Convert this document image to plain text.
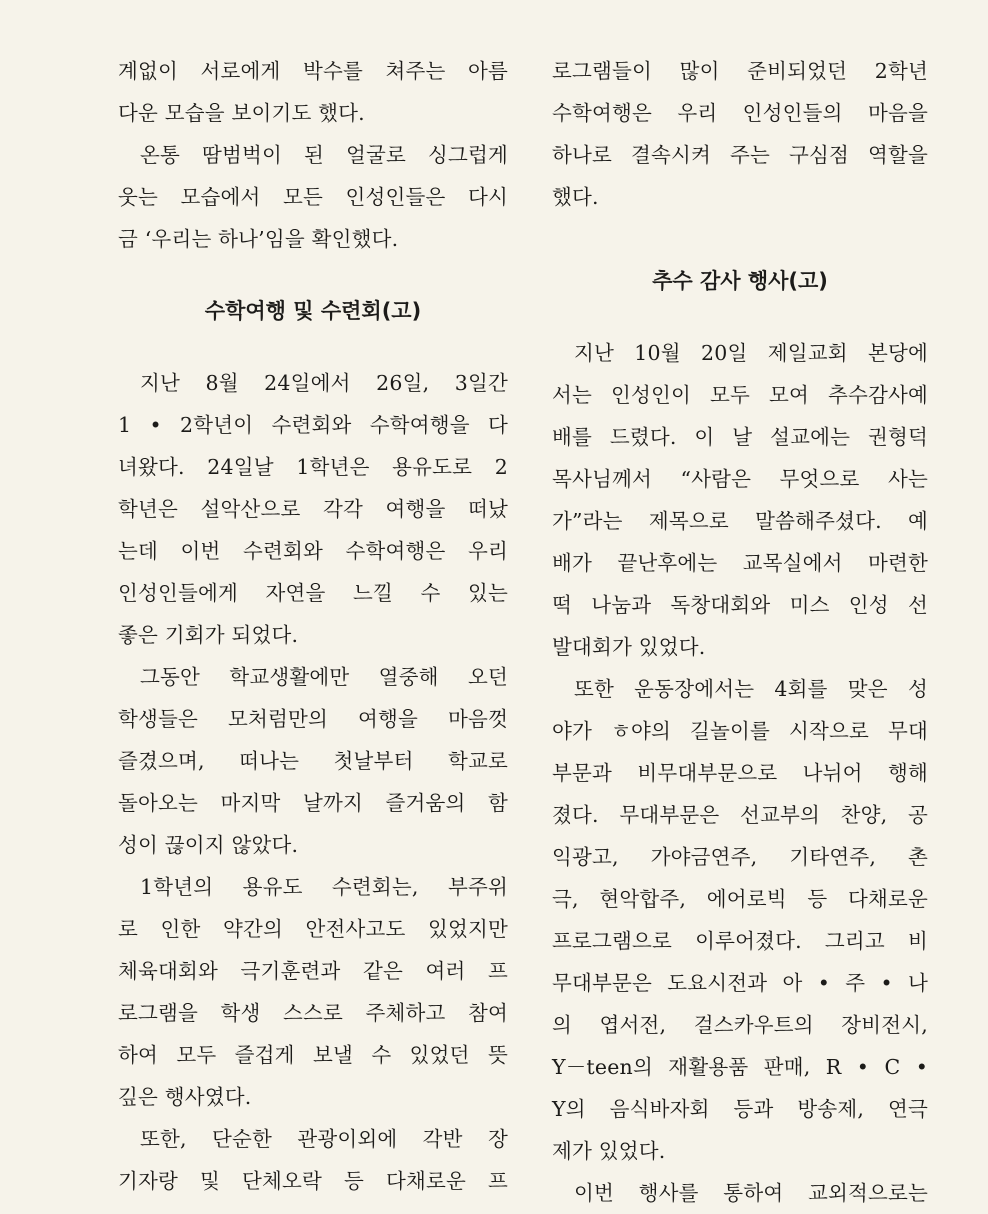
계없이 서로에게 박수를 쳐주는 아름
다운 모습을 보이기도 했다.
온통 땀범벅이 된 얼굴로 싱그럽게
웃는 모습에서 모든 인성인들은 다시
금 ‘우리는 하나’임을 확인했다.
수학여행 및 수련회(고)
지난 8월 24일에서 26일, 3일간
1 • 2학년이 수련회와 수학여행을 다
녀왔다. 24일날 1학년은 용유도로 2
학년은 설악산으로 각각 여행을 떠났
는데 이번 수련회와 수학여행은 우리
인성인들에게 자연을 느낄 수 있는
좋은 기회가 되었다.
그동안 학교생활에만 열중해 오던
학생들은 모처럼만의 여행을 마음껏
즐겼으며, 떠나는 첫날부터 학교로
돌아오는 마지막 날까지 즐거움의 함
성이 끊이지 않았다.
1학년의 용유도 수련회는, 부주위
로 인한 약간의 안전사고도 있었지만
체육대회와 극기훈련과 같은 여러 프
로그램을 학생 스스로 주체하고 참여
하여 모두 즐겁게 보낼 수 있었던 뜻
깊은 행사였다.
또한, 단순한 관광이외에 각반 장
기자랑 및 단체오락 등 다채로운 프
로그램들이 많이 준비되었던 2학년
수학여행은 우리 인성인들의 마음을
하나로 결속시켜 주는 구심점 역할을
했다.
추수 감사 행사(고)
지난 10월 20일 제일교회 본당에
서는 인성인이 모두 모여 추수감사예
배를 드렸다. 이 날 설교에는 권형덕
목사님께서 “사람은 무엇으로 사는
가”라는 제목으로 말씀해주셨다. 예
배가 끝난후에는 교목실에서 마련한
떡 나눔과 독창대회와 미스 인성 선
발대회가 있었다.
또한 운동장에서는 4회를 맞은 성
야가 ㅎ야의 길놀이를 시작으로 무대
부문과 비무대부문으로 나뉘어 행해
졌다. 무대부문은 선교부의 찬양, 공
익광고, 가야금연주, 기타연주, 촌
극, 현악합주, 에어로빅 등 다채로운
프로그램으로 이루어졌다. 그리고 비
무대부문은 도요시전과 아 • 주 • 나
의 엽서전, 걸스카우트의 장비전시,
Y－teen의 재활용품 판매, R • C •
Y의 음식바자회 등과 방송제, 연극
제가 있었다.
이번 행사를 통하여 교외적으로는
